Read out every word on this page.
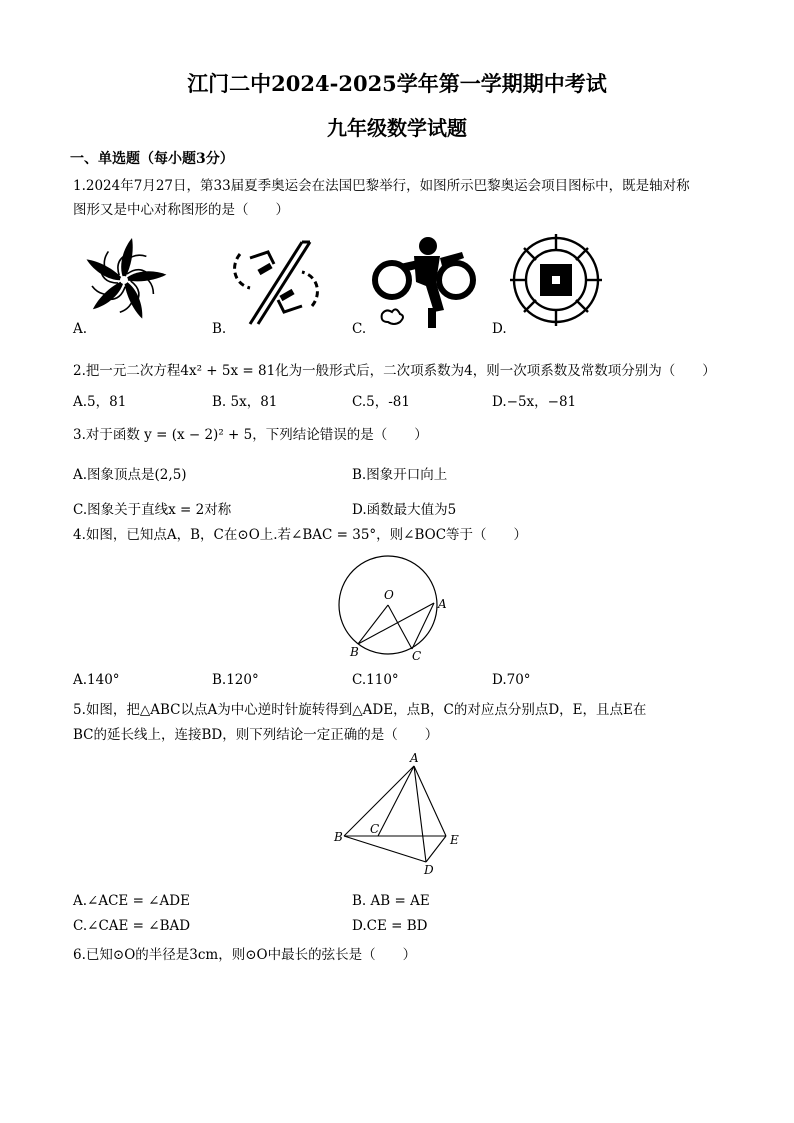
江门二中2024-2025学年第一学期期中考试
九年级数学试题
一、单选题（每小题3分）
1.2024年7月27日，第33届夏季奥运会在法国巴黎举行，如图所示巴黎奥运会项目图标中，既是轴对称
图形又是中心对称图形的是（　　）
A.	B.	C.	D.
2.把一元二次方程4x² + 5x = 81化为一般形式后，二次项系数为4，则一次项系数及常数项分别为（　　）
A.5，81	B. 5x，81	C.5，-81	D.−5x，−81
3.对于函数 y = (x − 2)² + 5，下列结论错误的是（　　）
A.图象顶点是(2,5)	B.图象开口向上
C.图象关于直线x = 2对称	D.函数最大值为5
4.如图，已知点A，B，C在⊙O上.若∠BAC = 35°，则∠BOC等于（　　）
O
A
B	C
A.140°	B.120°	C.110°	D.70°
5.如图，把△ABC以点A为中心逆时针旋转得到△ADE，点B，C的对应点分别点D，E，且点E在
BC的延长线上，连接BD，则下列结论一定正确的是（　　）
A
B
C
D
E
A.∠ACE = ∠ADE	B. AB = AE
C.∠CAE = ∠BAD	D.CE = BD
6.已知⊙O的半径是3cm，则⊙O中最长的弦长是（　　）
